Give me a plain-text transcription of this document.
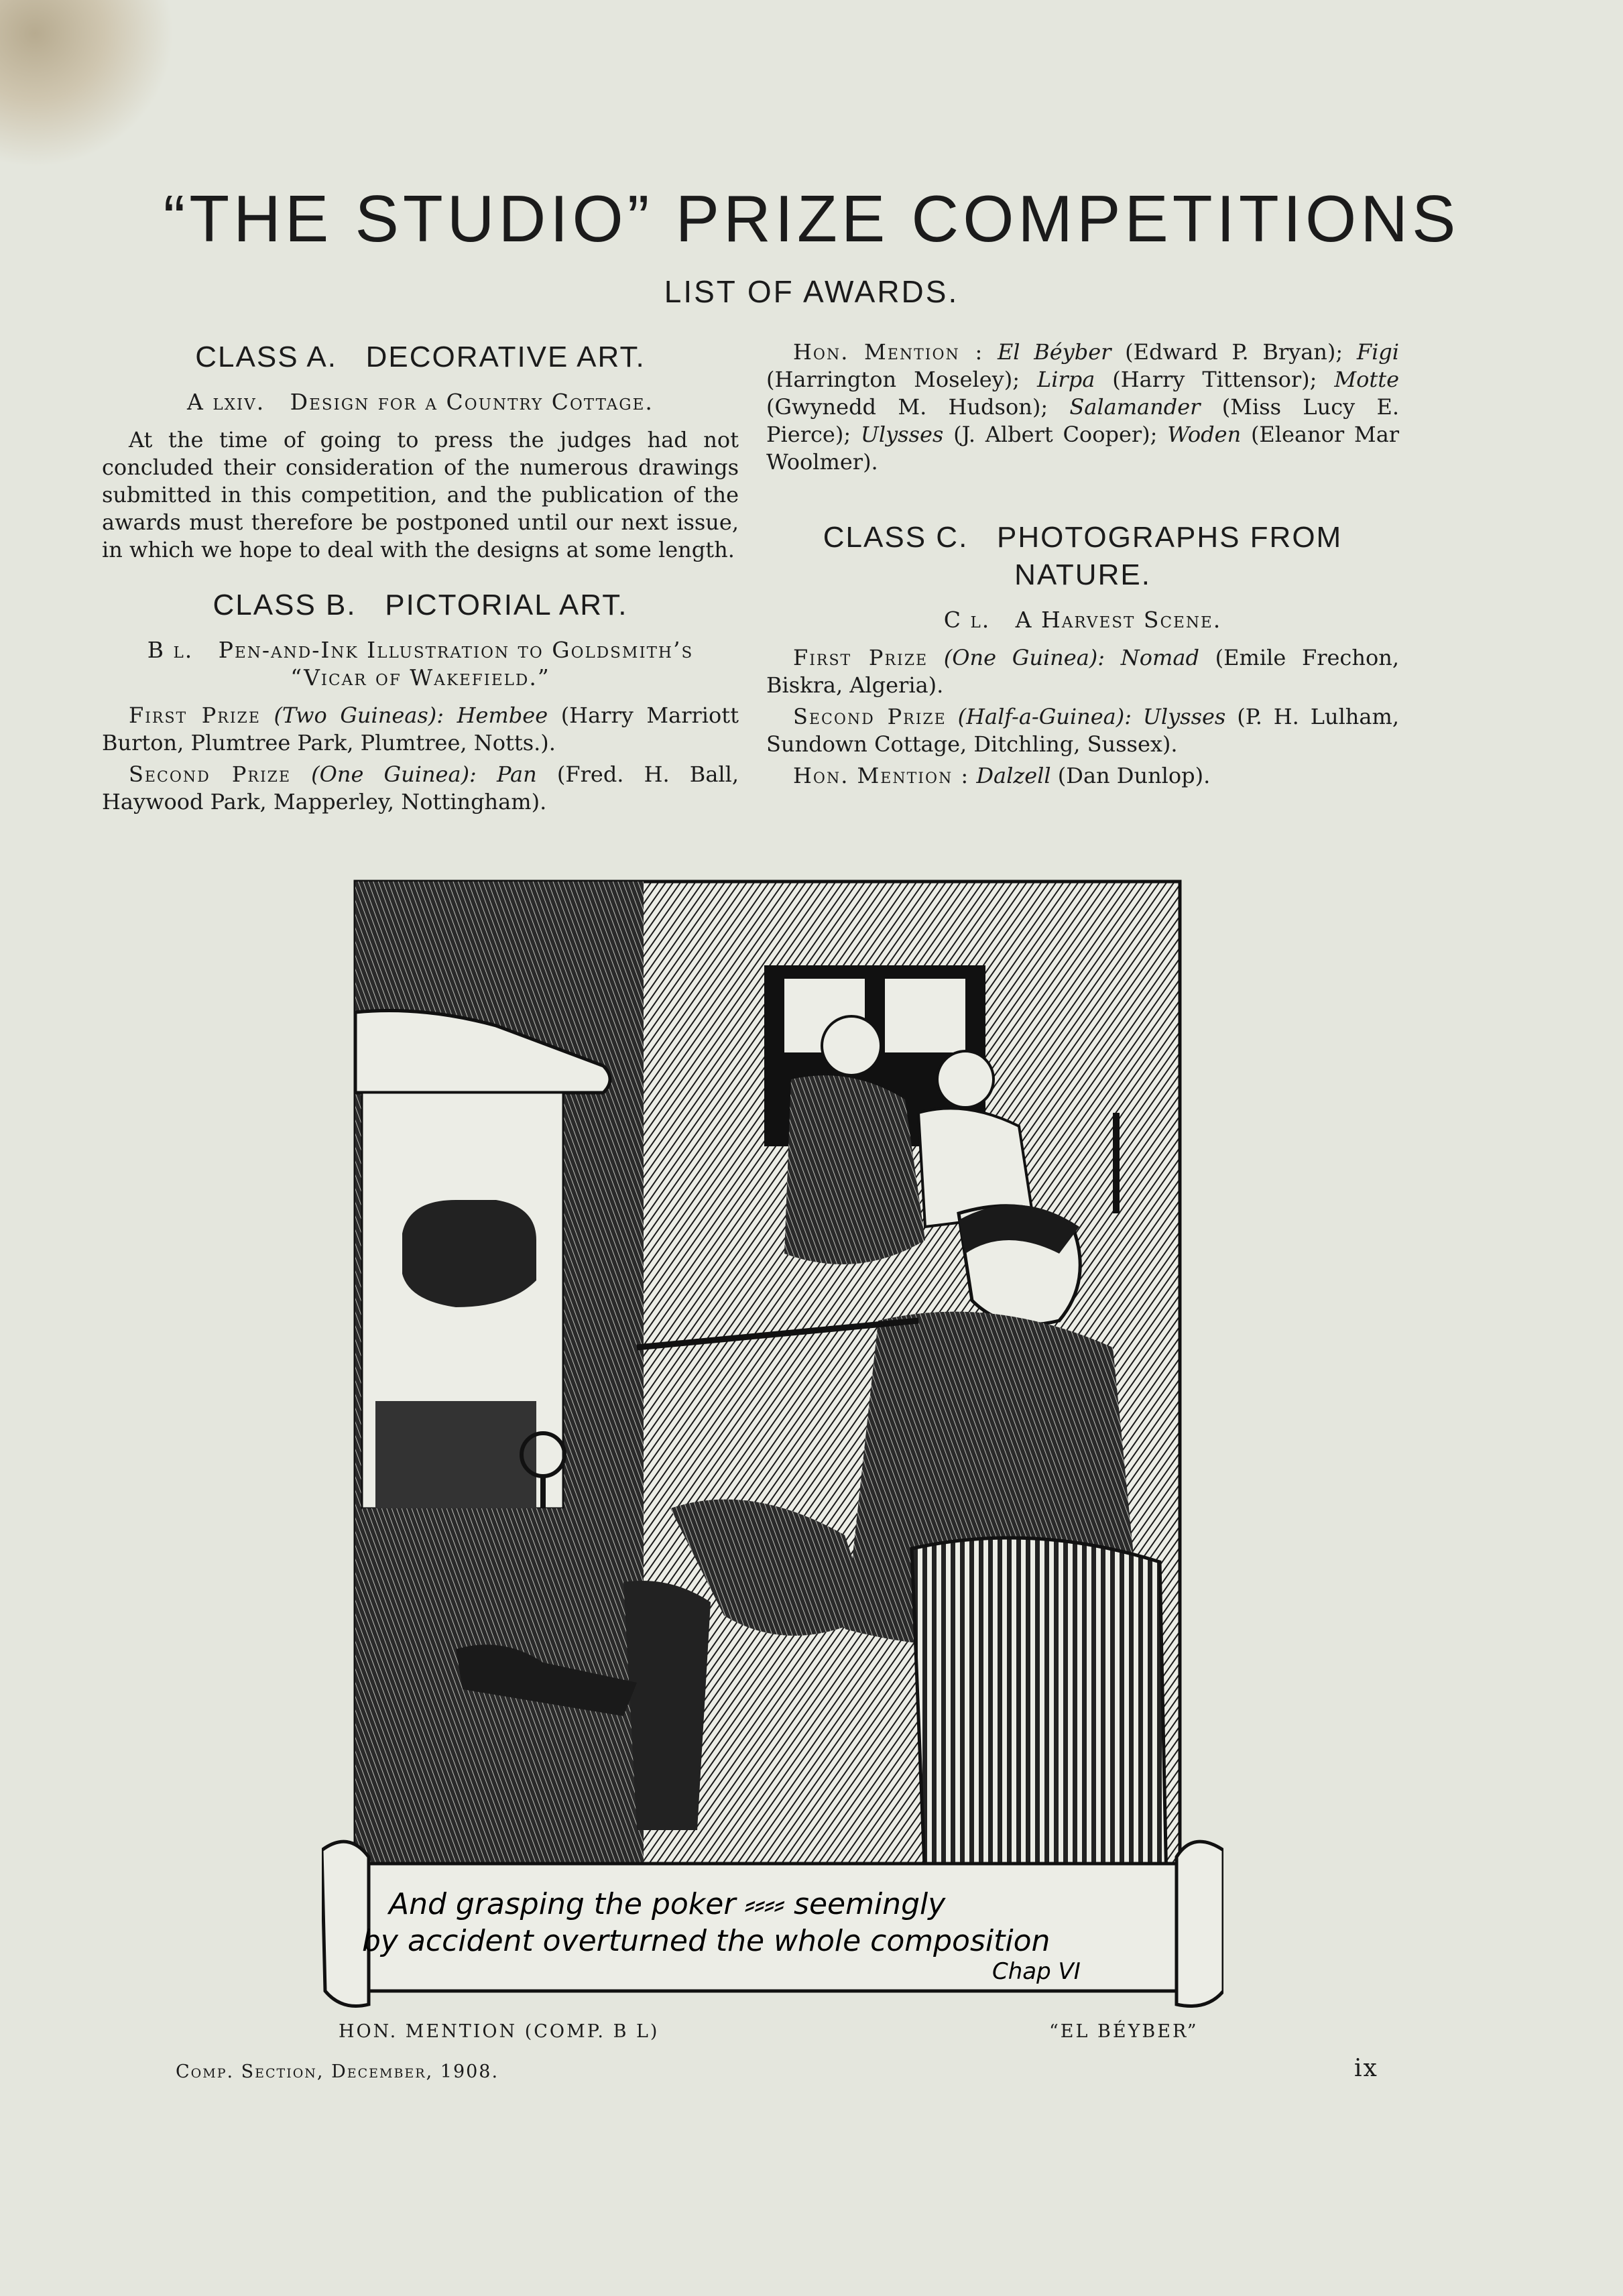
“THE STUDIO” PRIZE COMPETITIONS
LIST OF AWARDS.
CLASS A.   DECORATIVE ART.
A lxiv.   Design for a Country Cottage.

At the time of going to press the judges had not concluded their consideration of the numerous drawings submitted in this competition, and the publication of the awards must therefore be postponed until our next issue, in which we hope to deal with the designs at some length.

CLASS B.   PICTORIAL ART.
B l.   Pen-and-Ink Illustration to Goldsmith’s
“Vicar of Wakefield.”

First Prize (Two Guineas): Hembee (Harry Marriott Burton, Plumtree Park, Plumtree, Notts.).

Second Prize (One Guinea): Pan (Fred. H. Ball, Haywood Park, Mapperley, Nottingham).

Hon. Mention : El Béyber (Edward P. Bryan); Figi (Harrington Moseley); Lirpa (Harry Tittensor); Motte (Gwynedd M. Hudson); Salamander (Miss Lucy E. Pierce); Ulysses (J. Albert Cooper); Woden (Eleanor Mar Woolmer).

CLASS C.   PHOTOGRAPHS FROM
NATURE.
C l.   A Harvest Scene.

First Prize (One Guinea): Nomad (Emile Frechon, Biskra, Algeria).

Second Prize (Half-a-Guinea): Ulysses (P. H. Lulham, Sundown Cottage, Ditchling, Sussex).

Hon. Mention : Dalzell (Dan Dunlop).

And grasping the poker ⸗⸗⸗⸗ seemingly
by accident overturned the whole composition
Chap VI
HON. MENTION (COMP. B L)	“EL BÉYBER”
Comp. Section, December, 1908.	ix
